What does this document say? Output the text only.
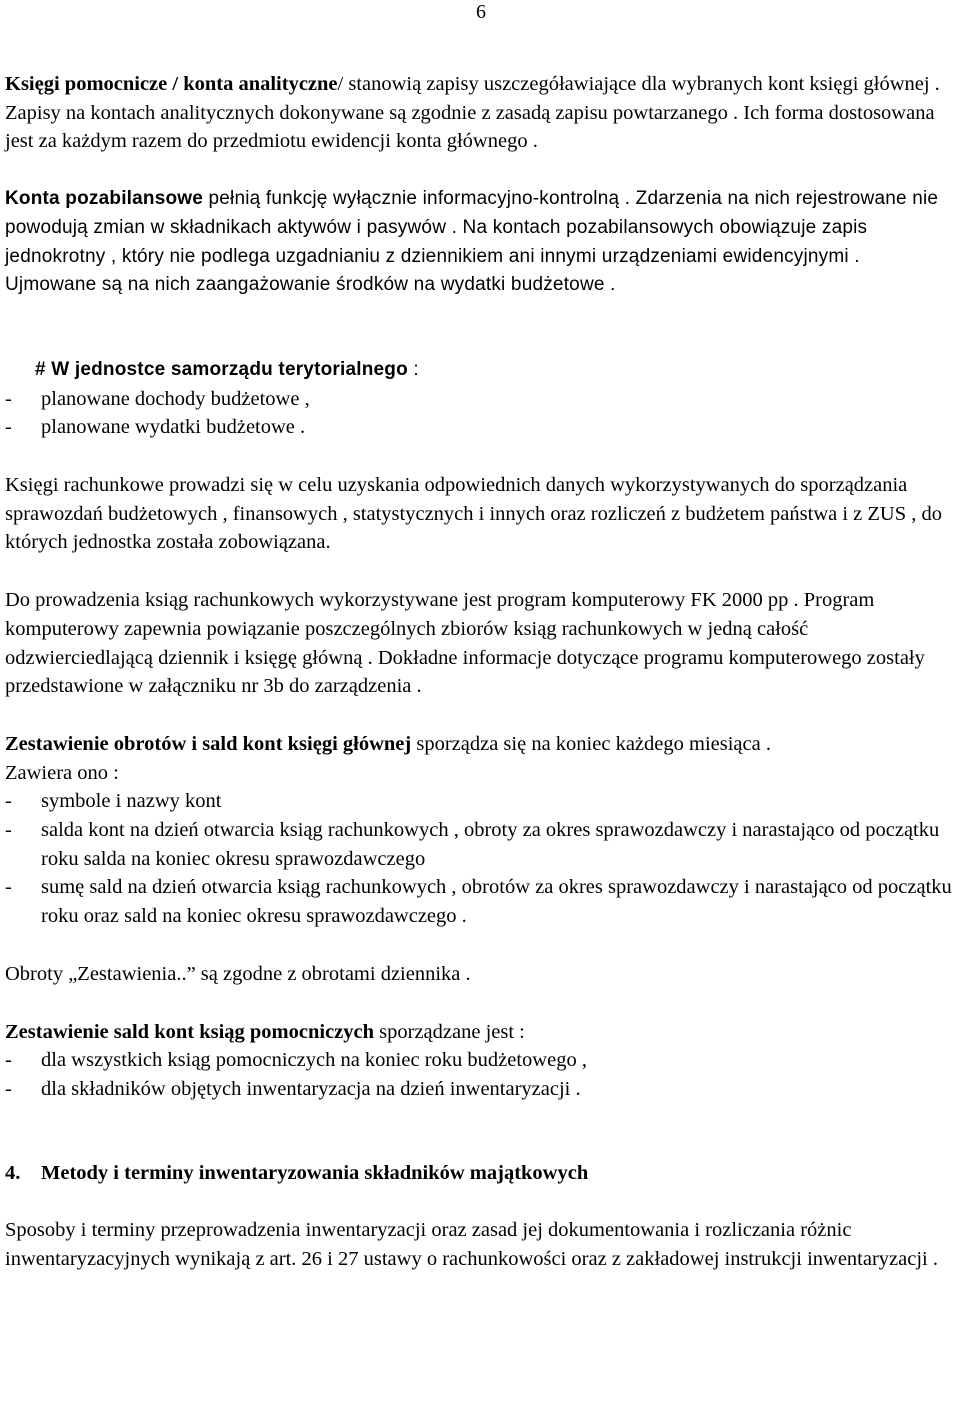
6

Księgi pomocnicze / konta analityczne/ stanowią zapisy uszczegóławiające dla wybranych kont księgi głównej . Zapisy na kontach analitycznych dokonywane są zgodnie z zasadą zapisu powtarzanego . Ich forma dostosowana jest za każdym razem do przedmiotu ewidencji konta głównego .

Konta pozabilansowe pełnią funkcję wyłącznie informacyjno-kontrolną . Zdarzenia na nich rejestrowane nie powodują zmian w składnikach aktywów i pasywów . Na kontach pozabilansowych obowiązuje zapis jednokrotny , który nie podlega uzgadnianiu z dziennikiem ani innymi urządzeniami ewidencyjnymi .

Ujmowane są na nich zaangażowanie środków na wydatki budżetowe .

# W jednostce samorządu terytorialnego :

- planowane dochody budżetowe ,
- planowane wydatki budżetowe .

Księgi rachunkowe prowadzi się w celu uzyskania odpowiednich danych wykorzystywanych do sporządzania sprawozdań budżetowych , finansowych , statystycznych i innych oraz rozliczeń z budżetem państwa i z ZUS , do których jednostka została zobowiązana.

Do prowadzenia ksiąg rachunkowych wykorzystywane jest program komputerowy FK 2000 pp . Program komputerowy zapewnia powiązanie poszczególnych zbiorów ksiąg rachunkowych w jedną całość odzwierciedlającą dziennik i księgę główną . Dokładne informacje dotyczące programu komputerowego zostały przedstawione w załączniku nr 3b do zarządzenia .

Zestawienie obrotów i sald kont księgi głównej sporządza się na koniec każdego miesiąca .

Zawiera ono :

- symbole i nazwy kont
- salda kont na dzień otwarcia ksiąg rachunkowych , obroty za okres sprawozdawczy i narastająco od początku roku salda na koniec okresu sprawozdawczego
- sumę sald na dzień otwarcia ksiąg rachunkowych , obrotów za okres sprawozdawczy i narastająco od początku roku oraz sald na koniec okresu sprawozdawczego .

Obroty „Zestawienia..” są zgodne z obrotami dziennika .

Zestawienie sald kont ksiąg pomocniczych sporządzane jest :

- dla wszystkich ksiąg pomocniczych na koniec roku budżetowego ,
- dla składników objętych inwentaryzacja na dzień inwentaryzacji .

4.	Metody i terminy inwentaryzowania składników majątkowych

Sposoby i terminy przeprowadzenia inwentaryzacji oraz zasad jej dokumentowania i rozliczania różnic inwentaryzacyjnych wynikają z art. 26 i 27 ustawy o rachunkowości oraz z zakładowej instrukcji inwentaryzacji .
